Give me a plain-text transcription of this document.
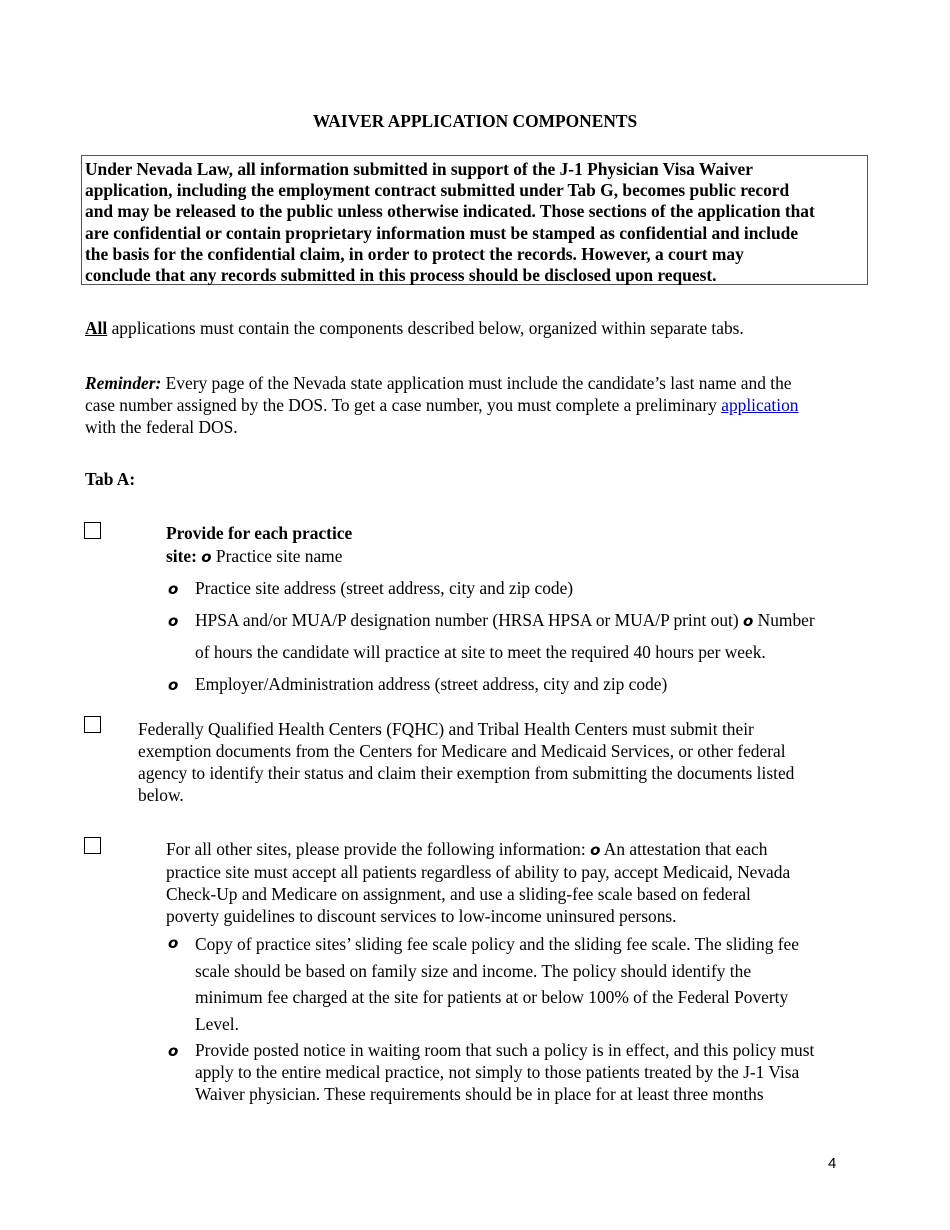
WAIVER APPLICATION COMPONENTS
Under Nevada Law, all information submitted in support of the J-1 Physician Visa Waiver
application, including the employment contract submitted under Tab G, becomes public record
and may be released to the public unless otherwise indicated. Those sections of the application that
are confidential or contain proprietary information must be stamped as confidential and include
the basis for the confidential claim, in order to protect the records. However, a court may
conclude that any records submitted in this process should be disclosed upon request.
All applications must contain the components described below, organized within separate tabs.
Reminder: Every page of the Nevada state application must include the candidate’s last name and the
case number assigned by the DOS. To get a case number, you must complete a preliminary application
with the federal DOS.
Tab A:
Provide for each practice
site: o Practice site name
o Practice site address (street address, city and zip code)
o HPSA and/or MUA/P designation number (HRSA HPSA or MUA/P print out) o Number
of hours the candidate will practice at site to meet the required 40 hours per week.
o Employer/Administration address (street address, city and zip code)
Federally Qualified Health Centers (FQHC) and Tribal Health Centers must submit their
exemption documents from the Centers for Medicare and Medicaid Services, or other federal
agency to identify their status and claim their exemption from submitting the documents listed
below.
For all other sites, please provide the following information: o An attestation that each
practice site must accept all patients regardless of ability to pay, accept Medicaid, Nevada
Check-Up and Medicare on assignment, and use a sliding-fee scale based on federal
poverty guidelines to discount services to low-income uninsured persons.
o Copy of practice sites’ sliding fee scale policy and the sliding fee scale. The sliding fee
scale should be based on family size and income. The policy should identify the
minimum fee charged at the site for patients at or below 100% of the Federal Poverty
Level.
o Provide posted notice in waiting room that such a policy is in effect, and this policy must
apply to the entire medical practice, not simply to those patients treated by the J-1 Visa
Waiver physician. These requirements should be in place for at least three months
4
